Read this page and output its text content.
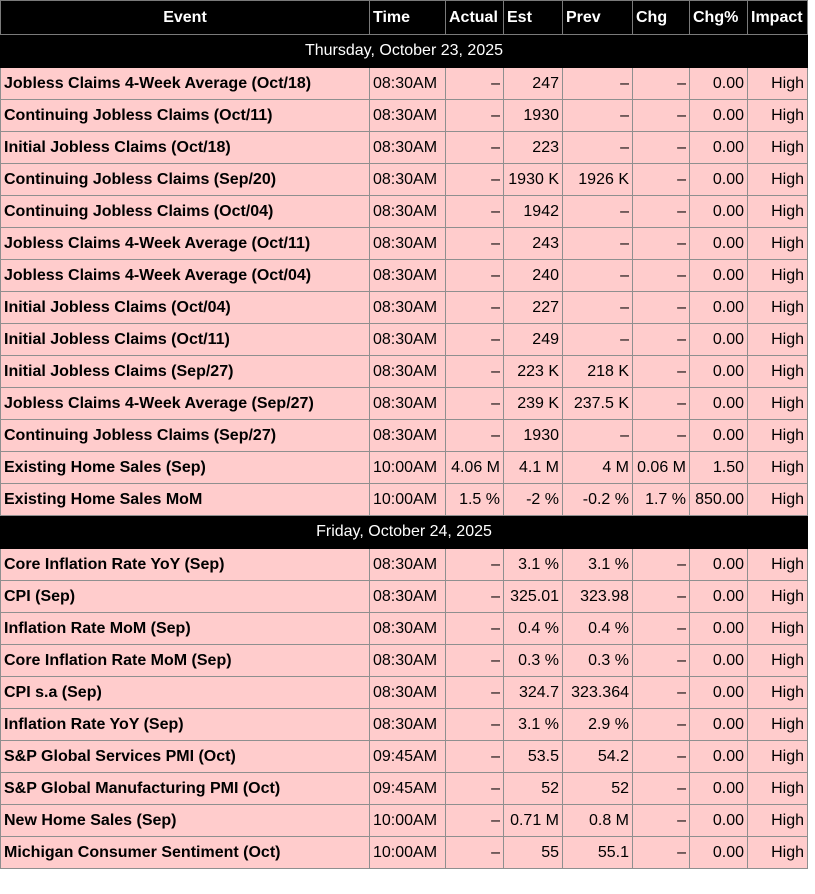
Event	Time	Actual	Est	Prev	Chg	Chg%	Impact
Thursday, October 23, 2025							
Jobless Claims 4-Week Average (Oct/18)	08:30AM	–	247	–	–	0.00	High
Continuing Jobless Claims (Oct/11)	08:30AM	–	1930	–	–	0.00	High
Initial Jobless Claims (Oct/18)	08:30AM	–	223	–	–	0.00	High
Continuing Jobless Claims (Sep/20)	08:30AM	–	1930 K	1926 K	–	0.00	High
Continuing Jobless Claims (Oct/04)	08:30AM	–	1942	–	–	0.00	High
Jobless Claims 4-Week Average (Oct/11)	08:30AM	–	243	–	–	0.00	High
Jobless Claims 4-Week Average (Oct/04)	08:30AM	–	240	–	–	0.00	High
Initial Jobless Claims (Oct/04)	08:30AM	–	227	–	–	0.00	High
Initial Jobless Claims (Oct/11)	08:30AM	–	249	–	–	0.00	High
Initial Jobless Claims (Sep/27)	08:30AM	–	223 K	218 K	–	0.00	High
Jobless Claims 4-Week Average (Sep/27)	08:30AM	–	239 K	237.5 K	–	0.00	High
Continuing Jobless Claims (Sep/27)	08:30AM	–	1930	–	–	0.00	High
Existing Home Sales (Sep)	10:00AM	4.06 M	4.1 M	4 M	0.06 M	1.50	High
Existing Home Sales MoM	10:00AM	1.5 %	-2 %	-0.2 %	1.7 %	850.00	High
Friday, October 24, 2025							
Core Inflation Rate YoY (Sep)	08:30AM	–	3.1 %	3.1 %	–	0.00	High
CPI (Sep)	08:30AM	–	325.01	323.98	–	0.00	High
Inflation Rate MoM (Sep)	08:30AM	–	0.4 %	0.4 %	–	0.00	High
Core Inflation Rate MoM (Sep)	08:30AM	–	0.3 %	0.3 %	–	0.00	High
CPI s.a (Sep)	08:30AM	–	324.7	323.364	–	0.00	High
Inflation Rate YoY (Sep)	08:30AM	–	3.1 %	2.9 %	–	0.00	High
S&P Global Services PMI (Oct)	09:45AM	–	53.5	54.2	–	0.00	High
S&P Global Manufacturing PMI (Oct)	09:45AM	–	52	52	–	0.00	High
New Home Sales (Sep)	10:00AM	–	0.71 M	0.8 M	–	0.00	High
Michigan Consumer Sentiment (Oct)	10:00AM	–	55	55.1	–	0.00	High
